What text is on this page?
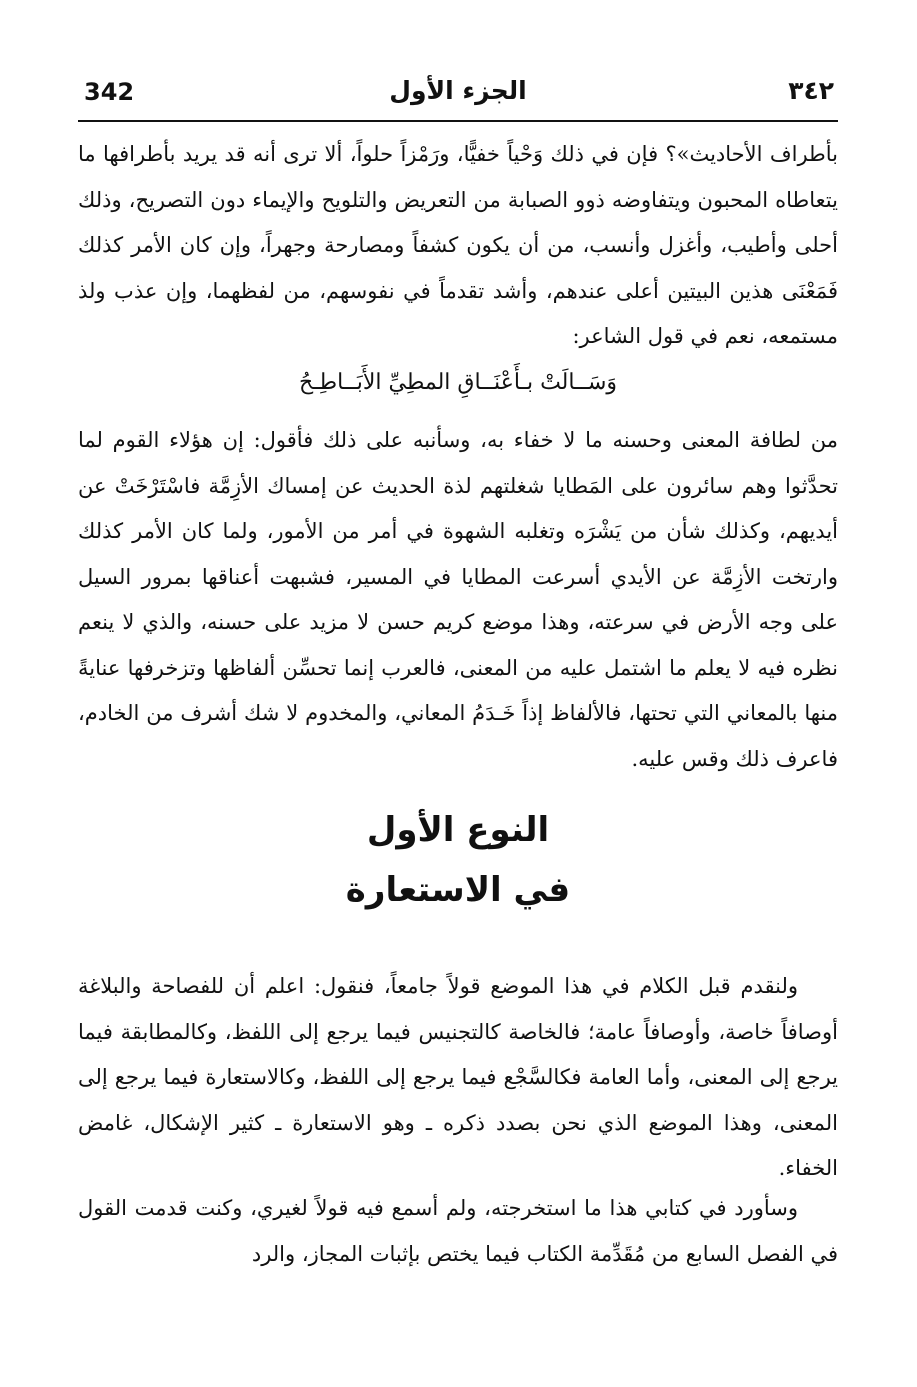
342	الجزء الأول	٣٤٢

بأطراف الأحاديث»؟ فإن في ذلك وَحْياً خفيًّا، ورَمْزاً حلواً، ألا ترى أنه قد يريد بأطرافها ما يتعاطاه المحبون ويتفاوضه ذوو الصبابة من التعريض والتلويح والإيماء دون التصريح، وذلك أحلى وأطيب، وأغزل وأنسب، من أن يكون كشفاً ومصارحة وجهراً، وإن كان الأمر كذلك فَمَعْنَى هذين البيتين أعلى عندهم، وأشد تقدماً في نفوسهم، من لفظهما، وإن عذب ولذ مستمعه، نعم في قول الشاعر:

وَسَــالَتْ بـأَعْنَــاقِ المطِيِّ الأَبَــاطِـحُ

من لطافة المعنى وحسنه ما لا خفاء به، وسأنبه على ذلك فأقول: إن هؤلاء القوم لما تحدَّثوا وهم سائرون على المَطايا شغلتهم لذة الحديث عن إمساك الأزِمَّة فاسْتَرْخَتْ عن أيديهم، وكذلك شأن من يَشْرَه وتغلبه الشهوة في أمر من الأمور، ولما كان الأمر كذلك وارتخت الأزِمَّة عن الأيدي أسرعت المطايا في المسير، فشبهت أعناقها بمرور السيل على وجه الأرض في سرعته، وهذا موضع كريم حسن لا مزيد على حسنه، والذي لا ينعم نظره فيه لا يعلم ما اشتمل عليه من المعنى، فالعرب إنما تحسِّن ألفاظها وتزخرفها عنايةً منها بالمعاني التي تحتها، فالألفاظ إذاً خَـدَمُ المعاني، والمخدوم لا شك أشرف من الخادم، فاعرف ذلك وقس عليه.

النوع الأول
في الاستعارة

ولنقدم قبل الكلام في هذا الموضع قولاً جامعاً، فنقول: اعلم أن للفصاحة والبلاغة أوصافاً خاصة، وأوصافاً عامة؛ فالخاصة كالتجنيس فيما يرجع إلى اللفظ، وكالمطابقة فيما يرجع إلى المعنى، وأما العامة فكالسَّجْع فيما يرجع إلى اللفظ، وكالاستعارة فيما يرجع إلى المعنى، وهذا الموضع الذي نحن بصدد ذكره ـ وهو الاستعارة ـ كثير الإشكال، غامض الخفاء.

وسأورد في كتابي هذا ما استخرجته، ولم أسمع فيه قولاً لغيري، وكنت قدمت القول في الفصل السابع من مُقَدِّمة الكتاب فيما يختص بإثبات المجاز، والرد
